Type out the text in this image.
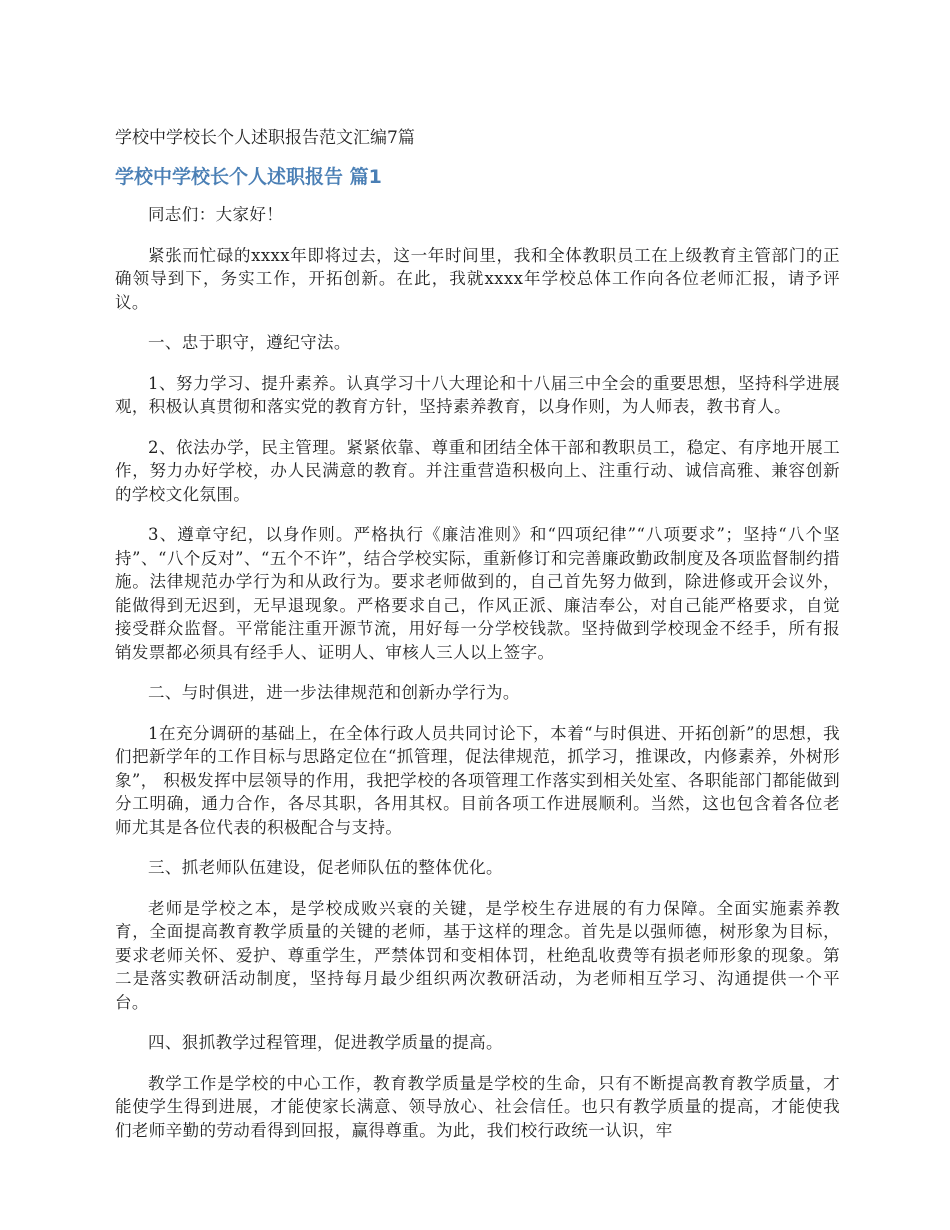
学校中学校长个人述职报告范文汇编7篇
学校中学校长个人述职报告 篇1

同志们：大家好！

紧张而忙碌的xxxx年即将过去，这一年时间里，我和全体教职员工在上级教育主管部门的正确领导到下，务实工作，开拓创新。在此，我就xxxx年学校总体工作向各位老师汇报，请予评议。

一、忠于职守，遵纪守法。

1、努力学习、提升素养。认真学习十八大理论和十八届三中全会的重要思想，坚持科学进展观，积极认真贯彻和落实党的教育方针，坚持素养教育，以身作则，为人师表，教书育人。

2、依法办学，民主管理。紧紧依靠、尊重和团结全体干部和教职员工，稳定、有序地开展工作，努力办好学校，办人民满意的教育。并注重营造积极向上、注重行动、诚信高雅、兼容创新的学校文化氛围。

3、遵章守纪，以身作则。严格执行《廉洁准则》和“四项纪律”“八项要求”；坚持“八个坚持”、“八个反对”、“五个不许”，结合学校实际，重新修订和完善廉政勤政制度及各项监督制约措施。法律规范办学行为和从政行为。要求老师做到的，自己首先努力做到，除进修或开会议外，能做得到无迟到，无早退现象。严格要求自己，作风正派、廉洁奉公，对自己能严格要求，自觉接受群众监督。平常能注重开源节流，用好每一分学校钱款。坚持做到学校现金不经手，所有报销发票都必须具有经手人、证明人、审核人三人以上签字。

二、与时俱进，进一步法律规范和创新办学行为。

1在充分调研的基础上，在全体行政人员共同讨论下，本着“与时俱进、开拓创新”的思想，我们把新学年的工作目标与思路定位在“抓管理，促法律规范，抓学习，推课改，内修素养，外树形象”， 积极发挥中层领导的作用，我把学校的各项管理工作落实到相关处室、各职能部门都能做到分工明确，通力合作，各尽其职，各用其权。目前各项工作进展顺利。当然，这也包含着各位老师尤其是各位代表的积极配合与支持。

三、抓老师队伍建设，促老师队伍的整体优化。

老师是学校之本，是学校成败兴衰的关键，是学校生存进展的有力保障。全面实施素养教育，全面提高教育教学质量的关键的老师，基于这样的理念。首先是以强师德，树形象为目标，要求老师关怀、爱护、尊重学生，严禁体罚和变相体罚，杜绝乱收费等有损老师形象的现象。第二是落实教研活动制度，坚持每月最少组织两次教研活动，为老师相互学习、沟通提供一个平台。

四、狠抓教学过程管理，促进教学质量的提高。

教学工作是学校的中心工作，教育教学质量是学校的生命，只有不断提高教育教学质量，才能使学生得到进展，才能使家长满意、领导放心、社会信任。也只有教学质量的提高，才能使我们老师辛勤的劳动看得到回报，赢得尊重。为此，我们校行政统一认识，牢
